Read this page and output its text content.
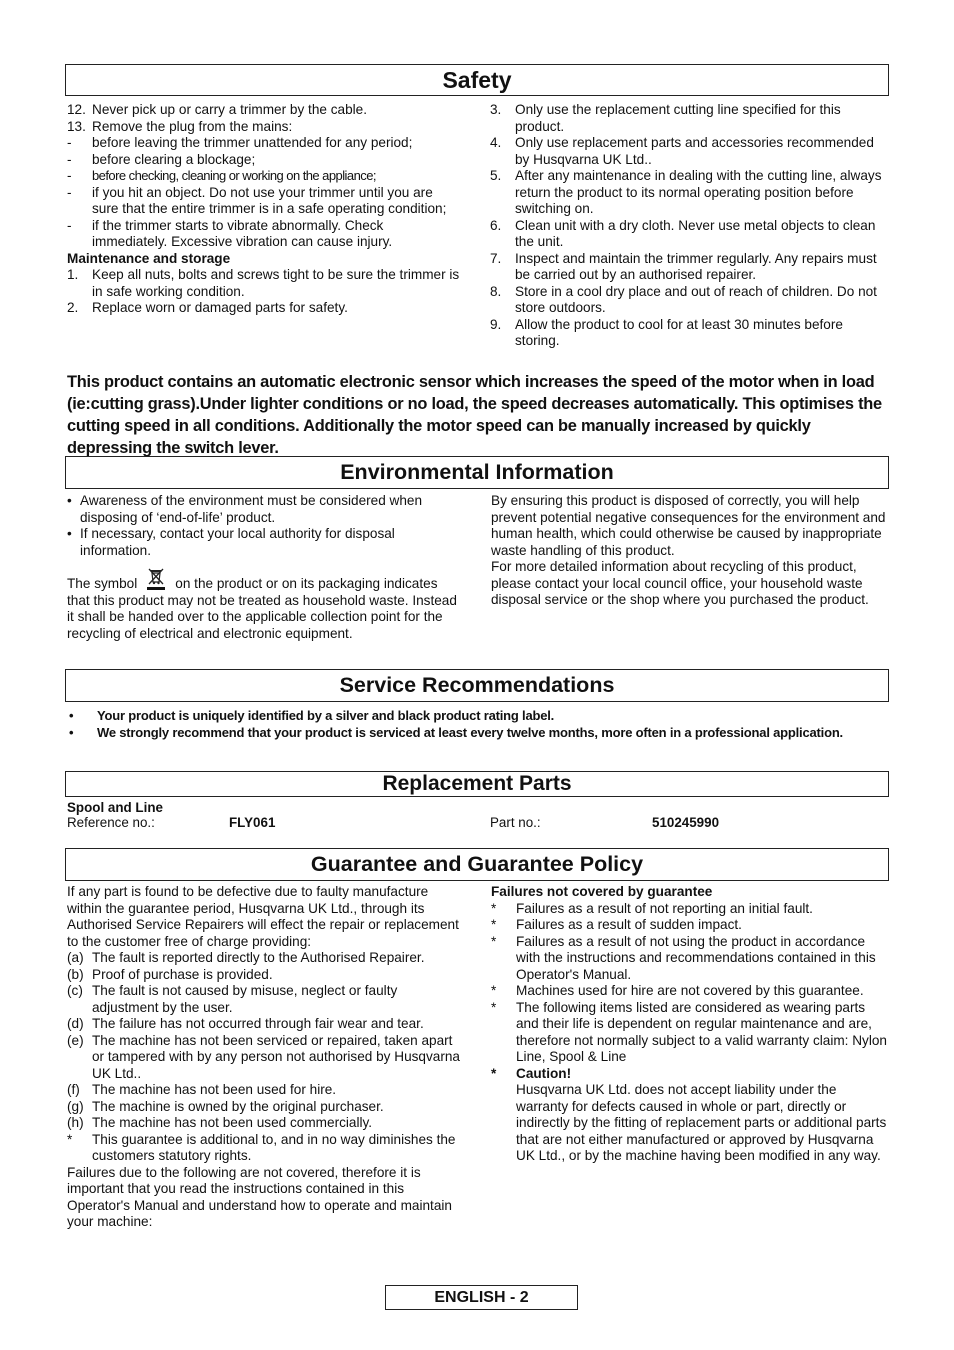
Safety
12. Never pick up or carry a trimmer by the cable.
13. Remove the plug from the mains:
-	before leaving the trimmer unattended for any period;
-	before clearing a blockage;
-	before checking, cleaning or working on the appliance;
-	if you hit an object. Do not use your trimmer until you are sure that the entire trimmer is in a safe operating condition;
-	if the trimmer starts to vibrate abnormally. Check immediately. Excessive vibration can cause injury.

Maintenance and storage

1.	Keep all nuts, bolts and screws tight to be sure the trimmer is in safe working condition.
2.	Replace worn or damaged parts for safety.
3.	Only use the replacement cutting line specified for this product.
4.	Only use replacement parts and accessories recommended by Husqvarna UK Ltd..
5.	After any maintenance in dealing with the cutting line, always return the product to its normal operating position before switching on.
6.	Clean unit with a dry cloth. Never use metal objects to clean the unit.
7.	Inspect and maintain the trimmer regularly. Any repairs must be carried out by an authorised repairer.
8.	Store in a cool dry place and out of reach of children. Do not store outdoors.
9.	Allow the product to cool for at least 30 minutes before storing.

This product contains an automatic electronic sensor which increases the speed of the motor when in load (ie:cutting grass).Under lighter conditions or no load, the speed decreases automatically. This optimises the cutting speed in all conditions. Additionally the motor speed can be manually increased by quickly depressing the switch lever.

Environmental Information
• Awareness of the environment must be considered when disposing of ‘end-of-life’ product.
• If necessary, contact your local authority for disposal information.

The symbol	on the product or on its packaging indicates that this product may not be treated as household waste. Instead it shall be handed over to the applicable collection point for the recycling of electrical and electronic equipment.

By ensuring this product is disposed of correctly, you will help prevent potential negative consequences for the environment and human health, which could otherwise be caused by inappropriate waste handling of this product.

For more detailed information about recycling of this product, please contact your local council office, your household waste disposal service or the shop where you purchased the product.

Service Recommendations
•	Your product is uniquely identified by a silver and black product rating label.
•	We strongly recommend that your product is serviced at least every twelve months, more often in a professional application.
Replacement Parts
Spool and Line
Reference no.:	FLY061	Part no.:	510245990
Guarantee and Guarantee Policy

If any part is found to be defective due to faulty manufacture within the guarantee period, Husqvarna UK Ltd., through its Authorised Service Repairers will effect the repair or replacement to the customer free of charge providing:

(a) The fault is reported directly to the Authorised Repairer.
(b) Proof of purchase is provided.
(c) The fault is not caused by misuse, neglect or faulty adjustment by the user.
(d) The failure has not occurred through fair wear and tear.
(e) The machine has not been serviced or repaired, taken apart or tampered with by any person not authorised by Husqvarna UK Ltd..
(f) The machine has not been used for hire.
(g) The machine is owned by the original purchaser.
(h) The machine has not been used commercially.
*	This guarantee is additional to, and in no way diminishes the customers statutory rights.

Failures due to the following are not covered, therefore it is important that you read the instructions contained in this Operator's Manual and understand how to operate and maintain your machine:

Failures not covered by guarantee

*	Failures as a result of not reporting an initial fault.
*	Failures as a result of sudden impact.
*	Failures as a result of not using the product in accordance with the instructions and recommendations contained in this Operator's Manual.
*	Machines used for hire are not covered by this guarantee.
*	The following items listed are considered as wearing parts and their life is dependent on regular maintenance and are, therefore not normally subject to a valid warranty claim: Nylon Line, Spool & Line
*	Caution!
Husqvarna UK Ltd. does not accept liability under the warranty for defects caused in whole or part, directly or indirectly by the fitting of replacement parts or additional parts that are not either manufactured or approved by Husqvarna UK Ltd., or by the machine having been modified in any way.
ENGLISH - 2
